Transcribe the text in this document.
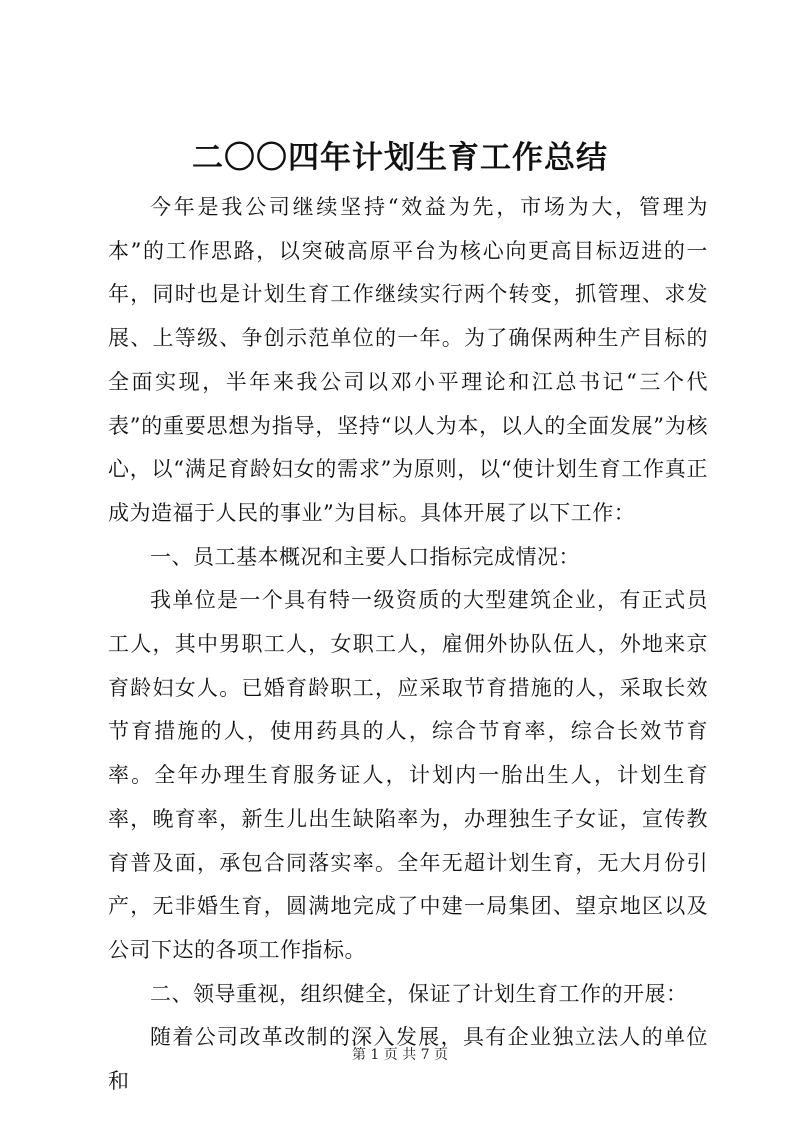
二〇〇四年计划生育工作总结

今年是我公司继续坚持“效益为先，市场为大，管理为本”的工作思路，以突破高原平台为核心向更高目标迈进的一年，同时也是计划生育工作继续实行两个转变，抓管理、求发展、上等级、争创示范单位的一年。为了确保两种生产目标的全面实现，半年来我公司以邓小平理论和江总书记“三个代表”的重要思想为指导，坚持“以人为本，以人的全面发展”为核心，以“满足育龄妇女的需求”为原则，以“使计划生育工作真正成为造福于人民的事业”为目标。具体开展了以下工作：

一、员工基本概况和主要人口指标完成情况：

我单位是一个具有特一级资质的大型建筑企业，有正式员工人，其中男职工人，女职工人，雇佣外协队伍人，外地来京育龄妇女人。已婚育龄职工，应采取节育措施的人，采取长效节育措施的人，使用药具的人，综合节育率，综合长效节育率。全年办理生育服务证人，计划内一胎出生人，计划生育率，晚育率，新生儿出生缺陷率为，办理独生子女证，宣传教育普及面，承包合同落实率。全年无超计划生育，无大月份引产，无非婚生育，圆满地完成了中建一局集团、望京地区以及公司下达的各项工作指标。

二、领导重视，组织健全，保证了计划生育工作的开展：

随着公司改革改制的深入发展，具有企业独立法人的单位和

第 1 页 共 7 页
